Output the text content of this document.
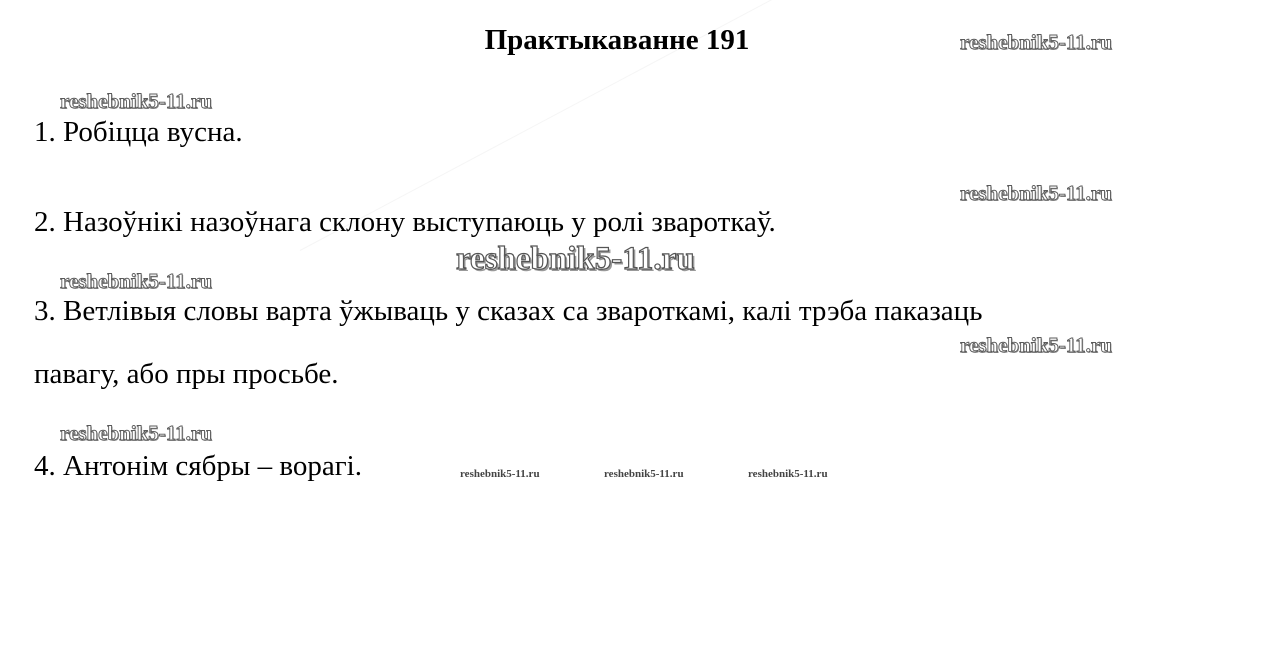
Практыкаванне 191	reshebnik5-11.ru
reshebnik5-11.ru
reshebnik5-11.ru
reshebnik5-11.ru
reshebnik5-11.ru
reshebnik5-11.ru
reshebnik5-11.ru
reshebnik5-11.ru	reshebnik5-11.ru	reshebnik5-11.ru
1. Робіцца вусна.
2. Назоўнікі назоўнага склону выступаюць у ролі звароткаў.
3. Ветлівыя словы варта ўжываць у сказах са звароткамі, калі трэба паказаць
павагу, або пры просьбе.
4. Антонім сябры – ворагі.
